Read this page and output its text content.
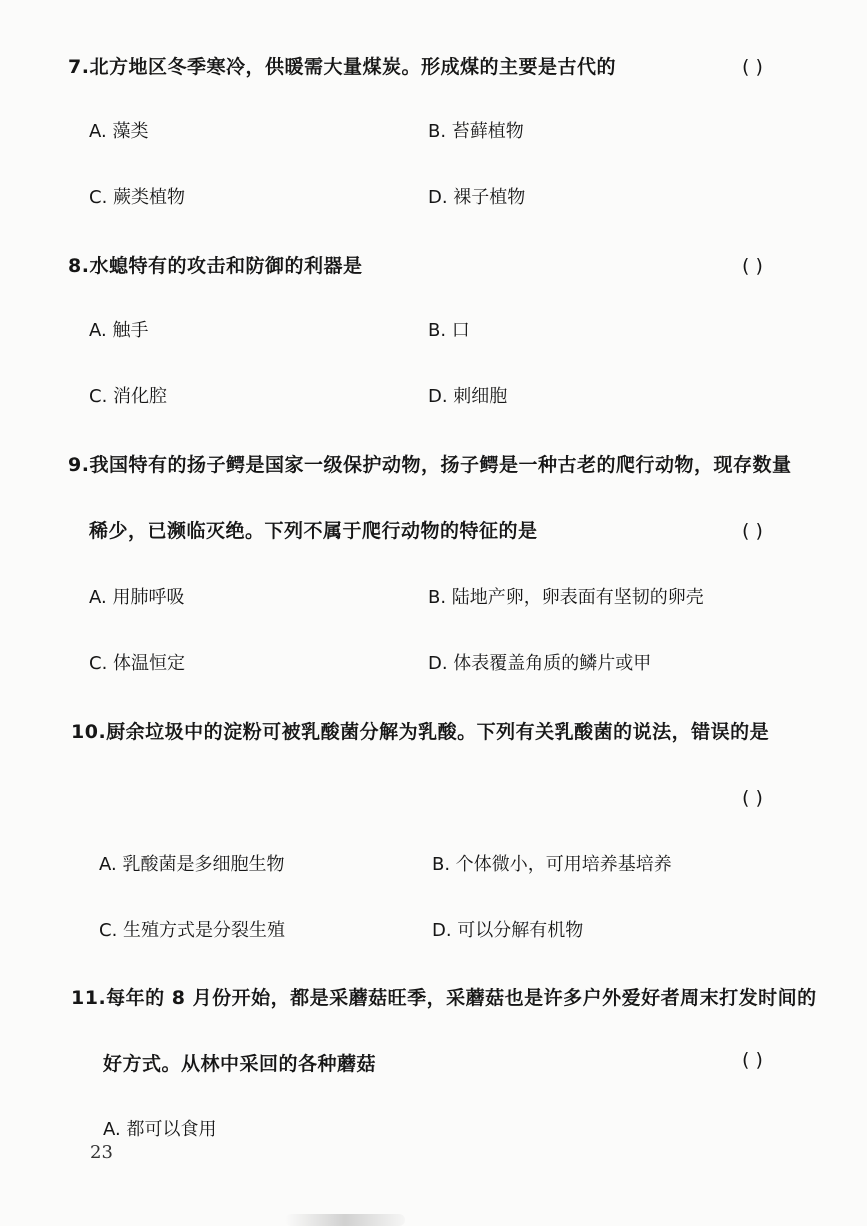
7.北方地区冬季寒冷，供暖需大量煤炭。形成煤的主要是古代的	( )
A. 藻类	B. 苔藓植物
C. 蕨类植物	D. 裸子植物
8.水螅特有的攻击和防御的利器是	( )
A. 触手	B. 口
C. 消化腔	D. 刺细胞
9.我国特有的扬子鳄是国家一级保护动物，扬子鳄是一种古老的爬行动物，现存数量
稀少，已濒临灭绝。下列不属于爬行动物的特征的是	( )
A. 用肺呼吸	B. 陆地产卵，卵表面有坚韧的卵壳
C. 体温恒定	D. 体表覆盖角质的鳞片或甲
10.厨余垃圾中的淀粉可被乳酸菌分解为乳酸。下列有关乳酸菌的说法，错误的是
( )
A. 乳酸菌是多细胞生物	B. 个体微小，可用培养基培养
C. 生殖方式是分裂生殖	D. 可以分解有机物
11.每年的 8 月份开始，都是采蘑菇旺季，采蘑菇也是许多户外爱好者周末打发时间的
好方式。从林中采回的各种蘑菇	( )
A. 都可以食用
23
